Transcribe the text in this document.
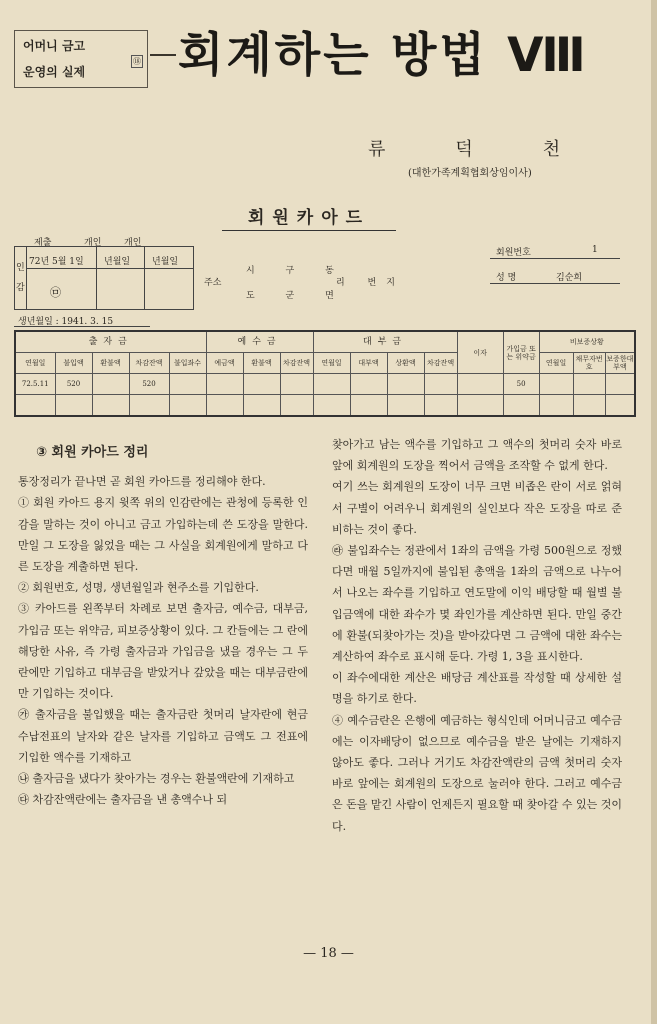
어머니 금고
운영의 실제
⑱ 회계하는 방법 Ⅷ
류덕천
(대한가족계획협회상임이사)
회원카아드
제출	개인	개인
인감
72년 5월 1일 년월일 년월일
㉤
주소
시 구 동
도 군 면
리 번지
회원번호	1
성 명	김순희
생년월일 : 1941. 3. 15
출자금					예수금			대부금				이자	가입금 또는 위약금	비보증상황		
연월일	불입액	환불액	차감잔액	불입좌수	예금액	환불액	차감잔액	연월일	대부액	상환액	차감잔액			연월일	채무자번호	보증한대부액
72.5.11	520		520										50			

③ 회원 카아드 정리

통장정리가 끝나면 곧 회원 카아드를 정리해야 한다.

① 회원 카아드 용지 윗쪽 위의 인감란에는 관청에 등록한 인감을 말하는 것이 아니고 금고 가입하는데 쓴 도장을 말한다. 만일 그 도장을 잃었을 때는 그 사실을 회계원에게 말하고 다른 도장을 계출하면 된다.

② 회원번호, 성명, 생년월일과 현주소를 기입한다.

③ 카아드를 왼쪽부터 차례로 보면 출자금, 예수금, 대부금, 가입금 또는 위약금, 피보증상황이 있다. 그 칸들에는 그 란에 해당한 사유, 즉 가령 출자금과 가입금을 냈을 경우는 그 두 란에만 기입하고 대부금을 받았거나 갚았을 때는 대부금란에만 기입하는 것이다.

㉮ 출자금을 불입했을 때는 출자금란 첫머리 날자란에 현금수납전표의 날자와 같은 날자를 기입하고 금액도 그 전표에 기입한 액수를 기재하고

㉯ 출자금을 냈다가 찾아가는 경우는 환불액란에 기재하고

㉰ 차감잔액란에는 출자금을 낸 총액수나 되

찾아가고 남는 액수를 기입하고 그 액수의 첫머리 숫자 바로 앞에 회계원의 도장을 찍어서 금액을 조작할 수 없게 한다.

여기 쓰는 회계원의 도장이 너무 크면 비좁은 란이 서로 얽혀서 구별이 어려우니 회계원의 실인보다 작은 도장을 따로 준비하는 것이 좋다.

㉱ 불입좌수는 정관에서 1좌의 금액을 가령 500원으로 정했다면 매월 5일까지에 불입된 총액을 1좌의 금액으로 나누어서 나오는 좌수를 기입하고 연도말에 이익 배당할 때 월별 불입금액에 대한 좌수가 몇 좌인가를 계산하면 된다. 만일 중간에 환불(되찾아가는 것)을 받아갔다면 그 금액에 대한 좌수는 계산하여 좌수로 표시해 둔다. 가령 1, 3을 표시한다.

이 좌수에대한 계산은 배당금 계산표를 작성할 때 상세한 설명을 하기로 한다.

④ 예수금란은 은행에 예금하는 형식인데 어머니금고 예수금에는 이자배당이 없으므로 예수금을 받은 날에는 기재하지 않아도 좋다. 그러나 거기도 차감잔액란의 금액 첫머리 숫자 바로 앞에는 회계원의 도장으로 눌러야 한다. 그러고 예수금은 돈을 맡긴 사람이 언제든지 필요할 때 찾아갈 수 있는 것이다.

— 18 —
